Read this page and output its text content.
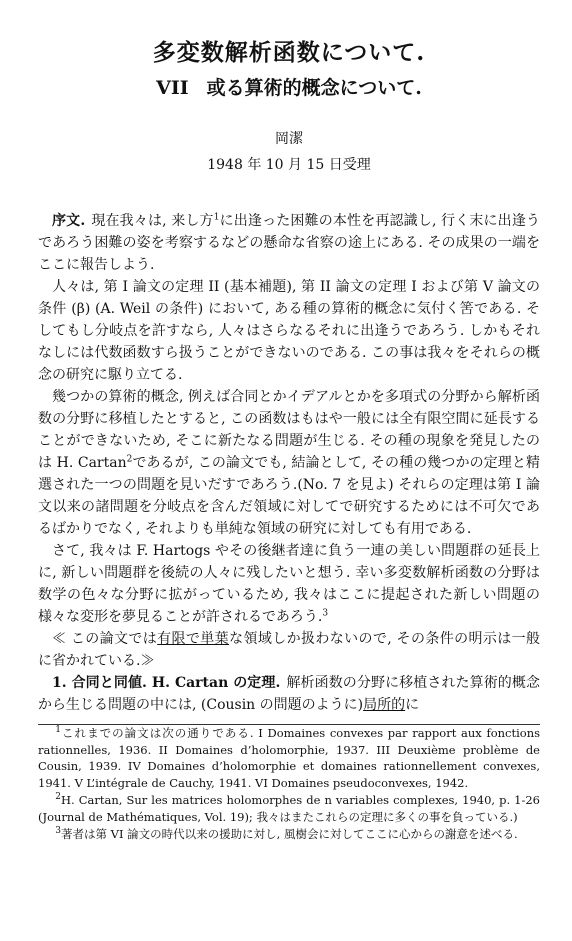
多変数解析函数について.
VII 或る算術的概念について.
岡潔
1948 年 10 月 15 日受理

序文. 現在我々は, 来し方$^1$に出逢った困難の本性を再認識し, 行く末に出逢うであろう困難の姿を考察するなどの懸命な省察の途上にある. その成果の一端をここに報告しよう.

人々は, 第 I 論文の定理 II (基本補題), 第 II 論文の定理 I および第 V 論文の条件 (β) (A. Weil の条件) において, ある種の算術的概念に気付く筈である. そしてもし分岐点を許すなら, 人々はさらなるそれに出逢うであろう. しかもそれなしには代数函数すら扱うことができないのである. この事は我々をそれらの概念の研究に駆り立てる.

幾つかの算術的概念, 例えば合同とかイデアルとかを多項式の分野から解析函数の分野に移植したとすると, この函数はもはや一般には全有限空間に延長することができないため, そこに新たなる問題が生じる. その種の現象を発見したのは H. Cartan$^2$であるが, この論文でも, 結論として, その種の幾つかの定理と精選された一つの問題を見いだすであろう.(No. 7 を見よ) それらの定理は第 I 論文以来の諸問題を分岐点を含んだ領域に対してで研究するためには不可欠であるばかりでなく, それよりも単純な領域の研究に対しても有用である.

さて, 我々は F. Hartogs やその後継者達に負う一連の美しい問題群の延長上に, 新しい問題群を後続の人々に残したいと想う. 幸い多変数解析函数の分野は数学の色々な分野に拡がっているため, 我々はここに提起された新しい問題の様々な変形を夢見ることが許されるであろう.$^3$

≪ この論文では有限で単葉な領域しか扱わないので, その条件の明示は一般に省かれている.≫

1. 合同と同値. H. Cartan の定理. 解析函数の分野に移植された算術的概念から生じる問題の中には, (Cousin の問題のように)局所的に

$^1$これまでの論文は次の通りである. I Domaines convexes par rapport aux fonctions rationnelles, 1936. II Domaines d’holomorphie, 1937. III Deuxième problème de Cousin, 1939. IV Domaines d’holomorphie et domaines rationnellement convexes, 1941. V L’intégrale de Cauchy, 1941. VI Domaines pseudoconvexes, 1942.

$^2$H. Cartan, Sur les matrices holomorphes de n variables complexes, 1940, p. 1-26 (Journal de Mathématiques, Vol. 19); 我々はまたこれらの定理に多くの事を負っている.)

$^3$著者は第 VI 論文の時代以来の援助に対し, 風樹会に対してここに心からの謝意を述べる.
